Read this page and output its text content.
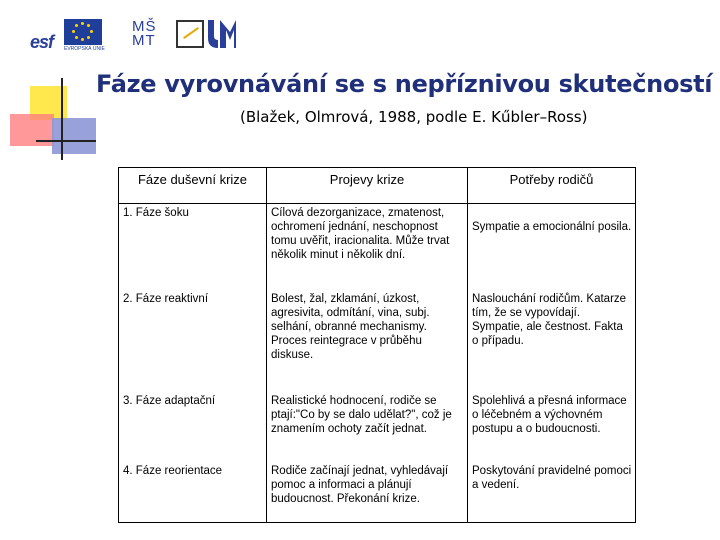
esf EVROPSKÁ UNIE
MŠ MT
Fáze vyrovnávání se s nepříznivou skutečností
(Blažek, Olmrová, 1988, podle E. Kűbler–Ross)
Fáze duševní krize	Projevy krize	Potřeby rodičů
1. Fáze šoku	Cílová dezorganizace, zmatenost, ochromení jednání, neschopnost tomu uvěřit, iracionalita. Může trvat několik minut i několik dní.	Sympatie a emocionální posila.
2. Fáze reaktivní	Bolest, žal, zklamání, úzkost, agresivita, odmítání, vina, subj. selhání, obranné mechanismy. Proces reintegrace v průběhu diskuse.	Naslouchání rodičům. Katarze tím, že se vypovídají. Sympatie, ale čestnost. Fakta o případu.
3. Fáze adaptační	Realistické hodnocení, rodiče se ptají:"Co by se dalo udělat?", což je znamením ochoty začít jednat.	Spolehlivá a přesná informace o léčebném a výchovném postupu a o budoucnosti.
4. Fáze reorientace	Rodiče začínají jednat, vyhledávají pomoc a informaci a plánují budoucnost. Překonání krize.	Poskytování pravidelné pomoci a vedení.
